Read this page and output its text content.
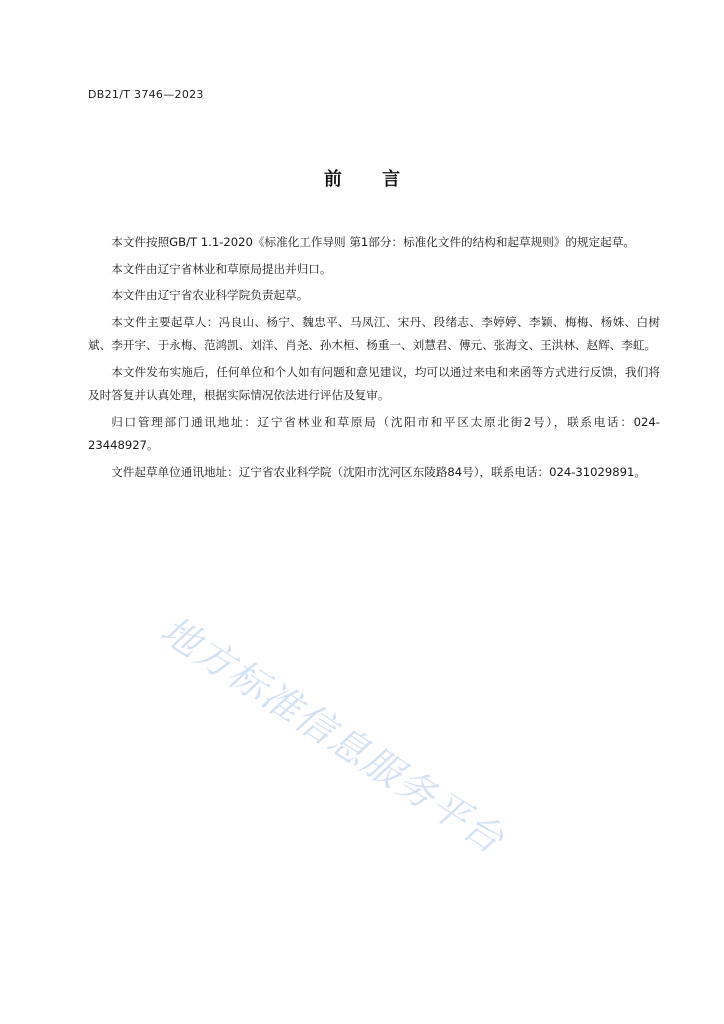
DB21/T 3746—2023
前 言

本文件按照GB/T 1.1-2020《标准化工作导则 第1部分：标准化文件的结构和起草规则》的规定起草。

本文件由辽宁省林业和草原局提出并归口。

本文件由辽宁省农业科学院负责起草。

本文件主要起草人：冯良山、杨宁、魏忠平、马凤江、宋丹、段绪志、李婷婷、李颖、梅梅、杨姝、白树斌、李开宇、于永梅、范鸿凯、刘洋、肖尧、孙木桓、杨重一、刘慧君、傅元、张海文、王洪林、赵辉、李虹。

本文件发布实施后，任何单位和个人如有问题和意见建议，均可以通过来电和来函等方式进行反馈，我们将及时答复并认真处理，根据实际情况依法进行评估及复审。

归口管理部门通讯地址：辽宁省林业和草原局（沈阳市和平区太原北街2号），联系电话：024-23448927。

文件起草单位通讯地址：辽宁省农业科学院（沈阳市沈河区东陵路84号），联系电话：024-31029891。

地方标准信息服务平台
